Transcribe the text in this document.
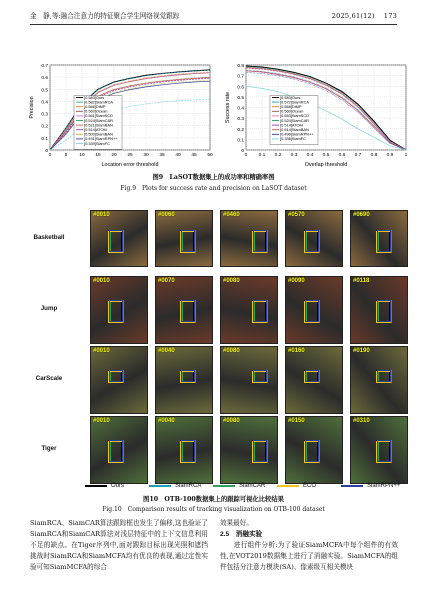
金　静,等:融合注意力的特征聚合学生网络视觉跟踪	2025,61(12)　 173
0
0.1
0.2
0.3
0.4
0.5
0.6
0.7
0	5 10 15 20 25 30 35 40 45 50
Location error threshold
Precision	[0.583]Ours
[0.582]SiamRCA
[0.566]DiMP
[0.560]Ocean
[0.561]SiamSCD
[0.524]SiamCAR
[0.521]SiamBAN
[0.514]ATOM
[0.500]SiamBAN
[0.491]SiamRPN++
[0.339]SiamFC
0
0.1
0.2
0.3
0.4
0.5
0.6
0.7
0.8
0 0.1 0.2 0.3 0.4 0.5 0.6 0.7 0.8 0.9 1
Overlap threshold
Success rate	[0.583]Ours
[0.572]SiamRCA
[0.568]DiMP
[0.560]Ocean
[0.553]SiamSCD
[0.524]SiamCAR
[0.514]ATOM
[0.514]SiamBAN
[0.496]SiamRPN++
[0.336]SiamFC
图9　LaSOT数据集上的成功率和精确率图
Fig.9　Plots for success rate and precision on LaSOT dataset
Basketball
#0010	#0060	#0460	#0570	#0690
Jump
#0010	#0070	#0080	#0090	#0118
CarScale
#0010	#0040	#0080	#0160	#0190
Tiger
#0010	#0040	#0080	#0150	#0310
Ours	SiamRCA	SiamCAR	ECO	SiamRPN++
图10　OTB-100数据集上的跟踪可视化比较结果
Fig.10　Comparison results of tracking visualization on OTB-100 dataset

SiamRCA、SiamCAR算法跟踪框也发生了偏移,这也验证了SiamRCA和SiamCAR算法对浅层特征中的上下文信息利用不足的缺点。在Tiger序列中,面对跟踪目标出现光照和遮挡挑战时SiamRCA和SiamMCFA均有优良的表现,通过定性实验可知SiamMCFA的综合

效果最好。

2.5　消融实验

　　进行组件分析:为了验证SiamMCFA中每个组件的有效性,在VOT2019数据集上进行了消融实验。SiamMCFA的组件包括分注意力模块(SA)、像素级互相关模块
